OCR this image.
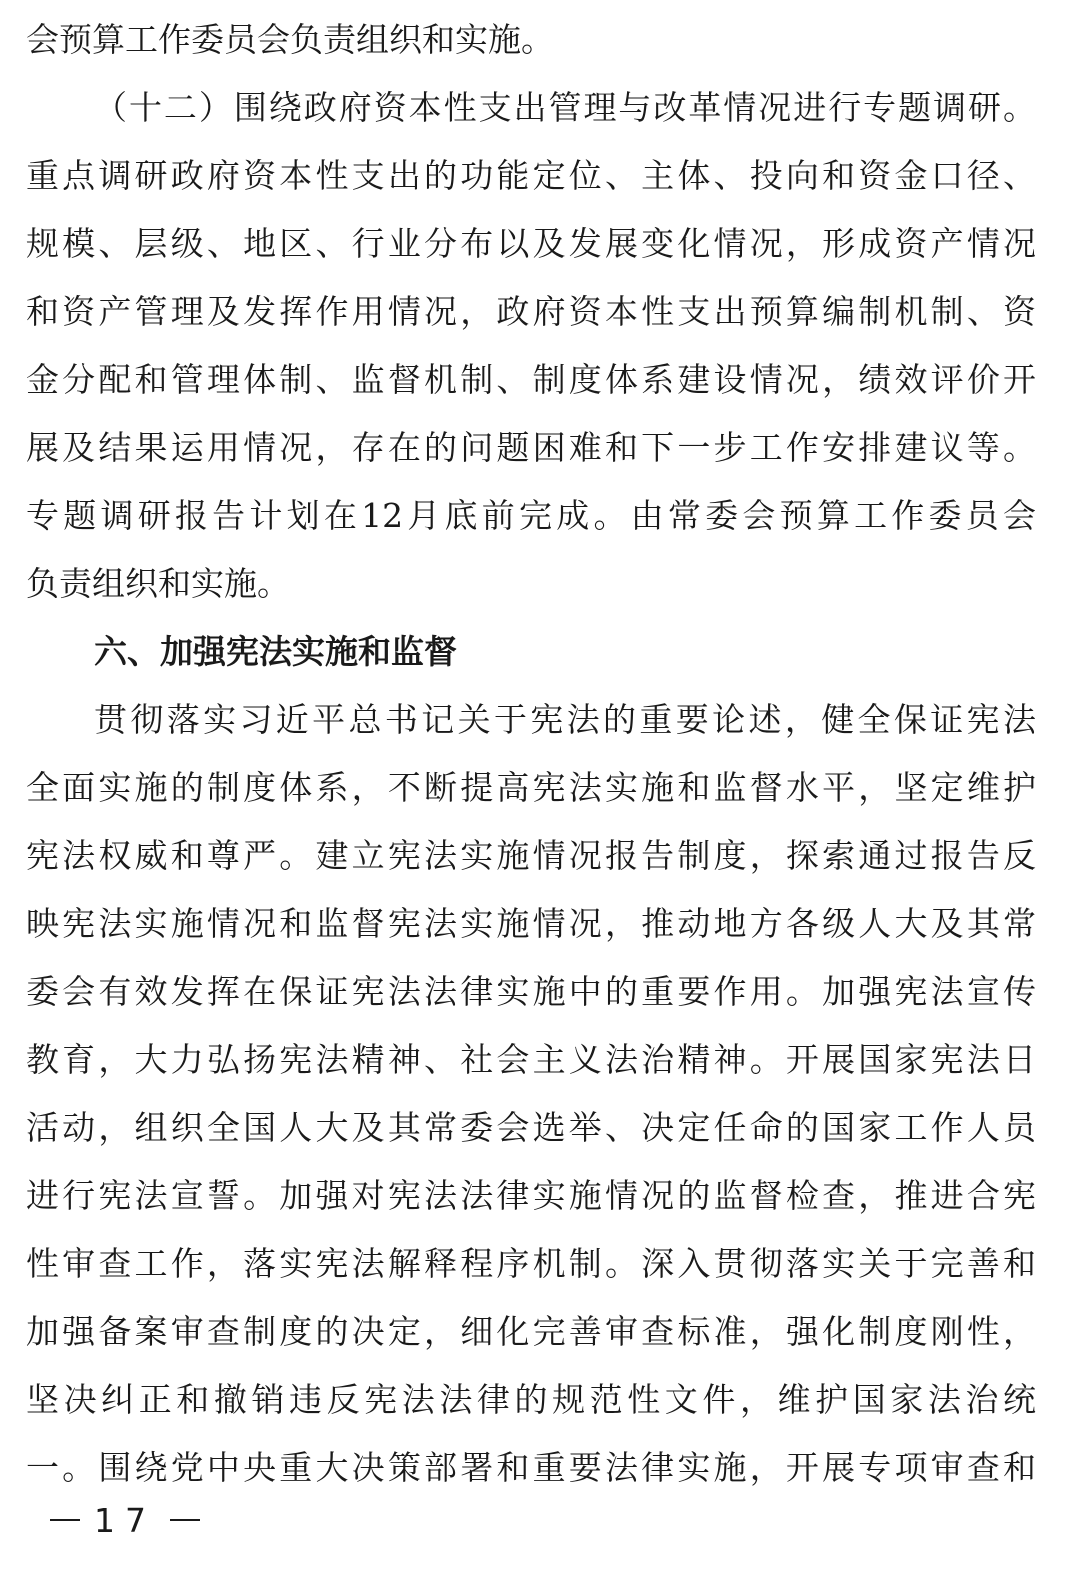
会预算工作委员会负责组织和实施。
（十二）围绕政府资本性支出管理与改革情况进行专题调研。
重点调研政府资本性支出的功能定位、主体、投向和资金口径、
规模、层级、地区、行业分布以及发展变化情况，形成资产情况
和资产管理及发挥作用情况，政府资本性支出预算编制机制、资
金分配和管理体制、监督机制、制度体系建设情况，绩效评价开
展及结果运用情况，存在的问题困难和下一步工作安排建议等。
专题调研报告计划在12月底前完成。由常委会预算工作委员会
负责组织和实施。
六、加强宪法实施和监督
贯彻落实习近平总书记关于宪法的重要论述，健全保证宪法
全面实施的制度体系，不断提高宪法实施和监督水平，坚定维护
宪法权威和尊严。建立宪法实施情况报告制度，探索通过报告反
映宪法实施情况和监督宪法实施情况，推动地方各级人大及其常
委会有效发挥在保证宪法法律实施中的重要作用。加强宪法宣传
教育，大力弘扬宪法精神、社会主义法治精神。开展国家宪法日
活动，组织全国人大及其常委会选举、决定任命的国家工作人员
进行宪法宣誓。加强对宪法法律实施情况的监督检查，推进合宪
性审查工作，落实宪法解释程序机制。深入贯彻落实关于完善和
加强备案审查制度的决定，细化完善审查标准，强化制度刚性，
坚决纠正和撤销违反宪法法律的规范性文件，维护国家法治统
一。围绕党中央重大决策部署和重要法律实施，开展专项审查和
17
